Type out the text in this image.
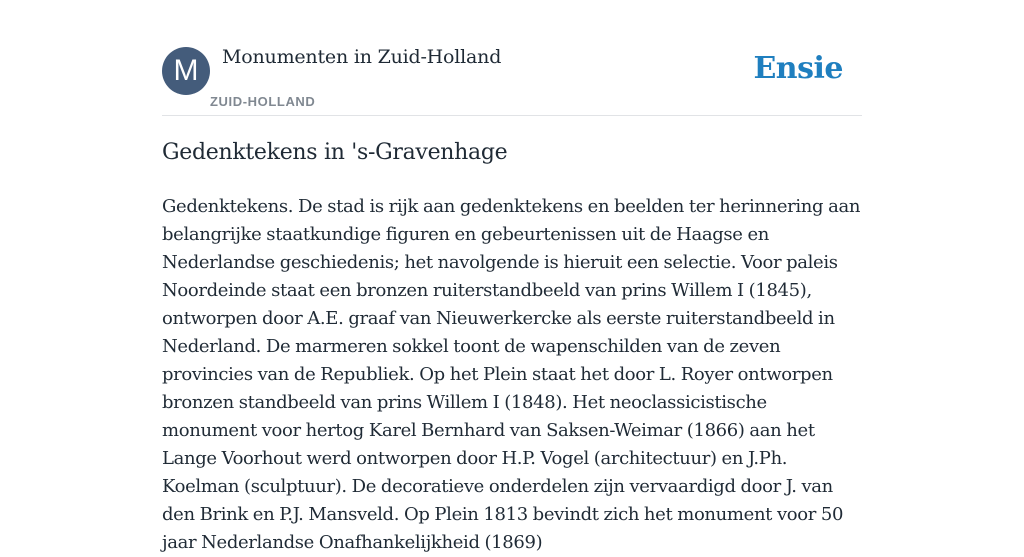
M	Monumenten in Zuid-Holland
ZUID-HOLLAND
Ensie
Gedenktekens in 's-Gravenhage

Gedenktekens. De stad is rijk aan gedenktekens en beelden ter herinnering aan belangrijke staatkundige figuren en gebeurtenissen uit de Haagse en Nederlandse geschiedenis; het navolgende is hieruit een selectie. Voor paleis Noordeinde staat een bronzen ruiterstandbeeld van prins Willem I (1845), ontworpen door A.E. graaf van Nieuwerkercke als eerste ruiterstandbeeld in Nederland. De marmeren sokkel toont de wapenschilden van de zeven provincies van de Republiek. Op het Plein staat het door L. Royer ontworpen bronzen standbeeld van prins Willem I (1848). Het neoclassicistische monument voor hertog Karel Bernhard van Saksen-Weimar (1866) aan het Lange Voorhout werd ontworpen door H.P. Vogel (architectuur) en J.Ph. Koelman (sculptuur). De decoratieve onderdelen zijn vervaardigd door J. van den Brink en P.J. Mansveld. Op Plein 1813 bevindt zich het monument voor 50 jaar Nederlandse Onafhankelijkheid (1869)
